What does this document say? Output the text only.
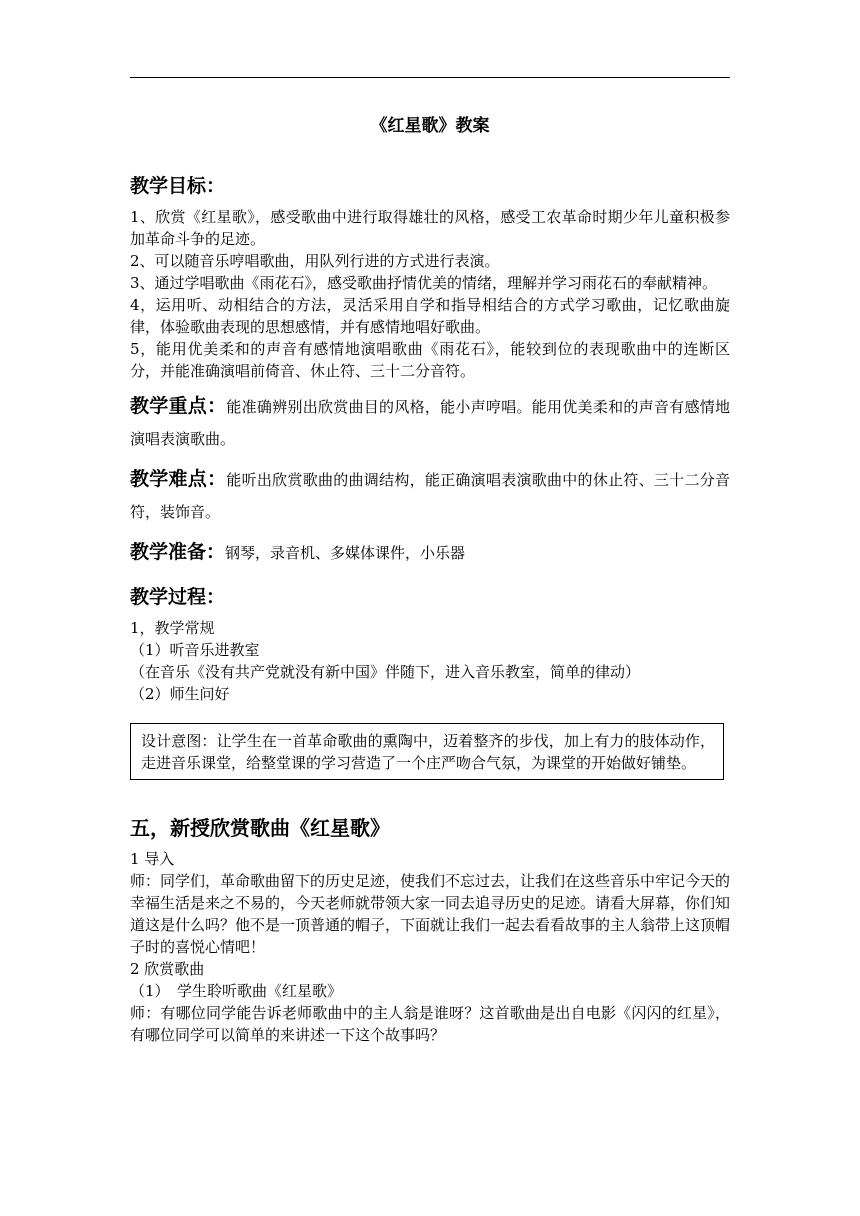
《红星歌》教案
教学目标：

1、欣赏《红星歌》，感受歌曲中进行取得雄壮的风格，感受工农革命时期少年儿童积极参加革命斗争的足迹。

2、可以随音乐哼唱歌曲，用队列行进的方式进行表演。

3、通过学唱歌曲《雨花石》，感受歌曲抒情优美的情绪，理解并学习雨花石的奉献精神。

4，运用听、动相结合的方法，灵活采用自学和指导相结合的方式学习歌曲，记忆歌曲旋律，体验歌曲表现的思想感情，并有感情地唱好歌曲。

5，能用优美柔和的声音有感情地演唱歌曲《雨花石》，能较到位的表现歌曲中的连断区分，并能准确演唱前倚音、休止符、三十二分音符。

教学重点：能准确辨别出欣赏曲目的风格，能小声哼唱。能用优美柔和的声音有感情地演唱表演歌曲。
教学难点：能听出欣赏歌曲的曲调结构，能正确演唱表演歌曲中的休止符、三十二分音符，装饰音。
教学准备：钢琴，录音机、多媒体课件，小乐器
教学过程：

1，教学常规

（1）听音乐进教室

（在音乐《没有共产党就没有新中国》伴随下，进入音乐教室，简单的律动）

（2）师生问好

设计意图：让学生在一首革命歌曲的熏陶中，迈着整齐的步伐，加上有力的肢体动作，走进音乐课堂，给整堂课的学习营造了一个庄严吻合气氛，为课堂的开始做好铺垫。
五，新授欣赏歌曲《红星歌》

1 导入

师：同学们，革命歌曲留下的历史足迹，使我们不忘过去，让我们在这些音乐中牢记今天的幸福生活是来之不易的，今天老师就带领大家一同去追寻历史的足迹。请看大屏幕，你们知道这是什么吗？他不是一顶普通的帽子，下面就让我们一起去看看故事的主人翁带上这顶帽子时的喜悦心情吧！

2 欣赏歌曲

（1）　学生聆听歌曲《红星歌》

师：有哪位同学能告诉老师歌曲中的主人翁是谁呀？这首歌曲是出自电影《闪闪的红星》，有哪位同学可以简单的来讲述一下这个故事吗？
